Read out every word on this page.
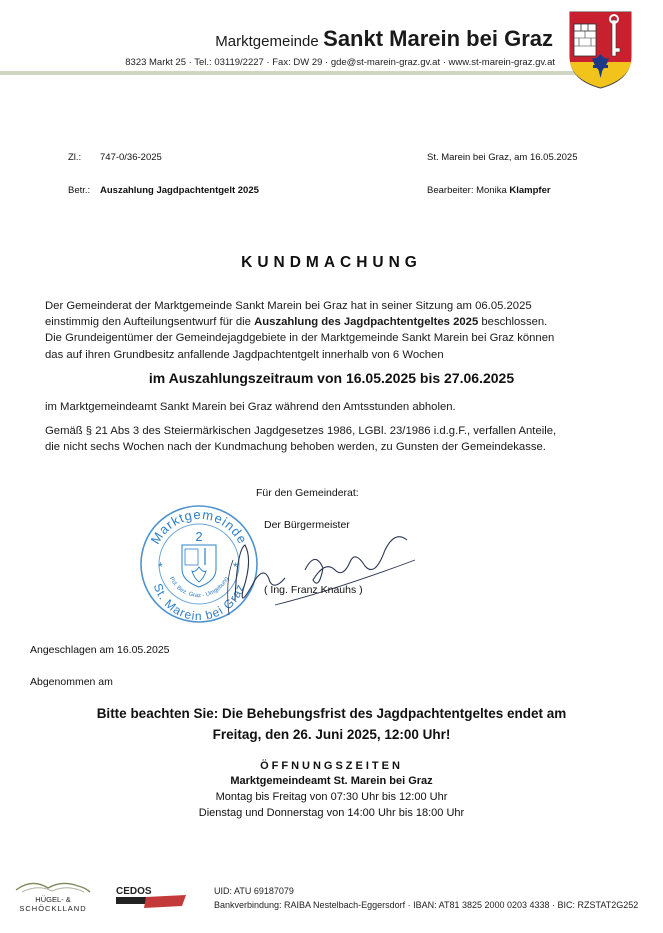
Marktgemeinde Sankt Marein bei Graz
8323 Markt 25 · Tel.: 03119/2227 · Fax: DW 29 · gde@st-marein-graz.gv.at · www.st-marein-graz.gv.at
Zl.: 747-0/36-2025	St. Marein bei Graz, am 16.05.2025
Betr.: Auszahlung Jagdpachtentgelt 2025	Bearbeiter: Monika Klampfer
KUNDMACHUNG
Der Gemeinderat der Marktgemeinde Sankt Marein bei Graz hat in seiner Sitzung am 06.05.2025
einstimmig den Aufteilungsentwurf für die Auszahlung des Jagdpachtentgeltes 2025 beschlossen.
Die Grundeigentümer der Gemeindejagdgebiete in der Marktgemeinde Sankt Marein bei Graz können
das auf ihren Grundbesitz anfallende Jagdpachtentgelt innerhalb von 6 Wochen
im Auszahlungszeitraum von 16.05.2025 bis 27.06.2025
im Marktgemeindeamt Sankt Marein bei Graz während den Amtsstunden abholen.
Gemäß § 21 Abs 3 des Steiermärkischen Jagdgesetzes 1986, LGBl. 23/1986 i.d.g.F., verfallen Anteile,
die nicht sechs Wochen nach der Kundmachung behoben werden, zu Gunsten der Gemeindekasse.
Für den Gemeinderat:
Der Bürgermeister
Marktgemeinde
St. Marein bei Graz
Pol. Bez. Graz - Umgebung
2
*	*
( Ing. Franz Knauhs )
Angeschlagen am 16.05.2025
Abgenommen am
Bitte beachten Sie: Die Behebungsfrist des Jagdpachtentgeltes endet am
Freitag, den 26. Juni 2025, 12:00 Uhr!
ÖFFNUNGSZEITEN
Marktgemeindeamt St. Marein bei Graz
Montag bis Freitag von 07:30 Uhr bis 12:00 Uhr
Dienstag und Donnerstag von 14:00 Uhr bis 18:00 Uhr
HÜGEL- &
SCHÖCKLLAND
CEDOS	UID: ATU 69187079
Bankverbindung: RAIBA Nestelbach-Eggersdorf · IBAN: AT81 3825 2000 0203 4338 · BIC: RZSTAT2G252
